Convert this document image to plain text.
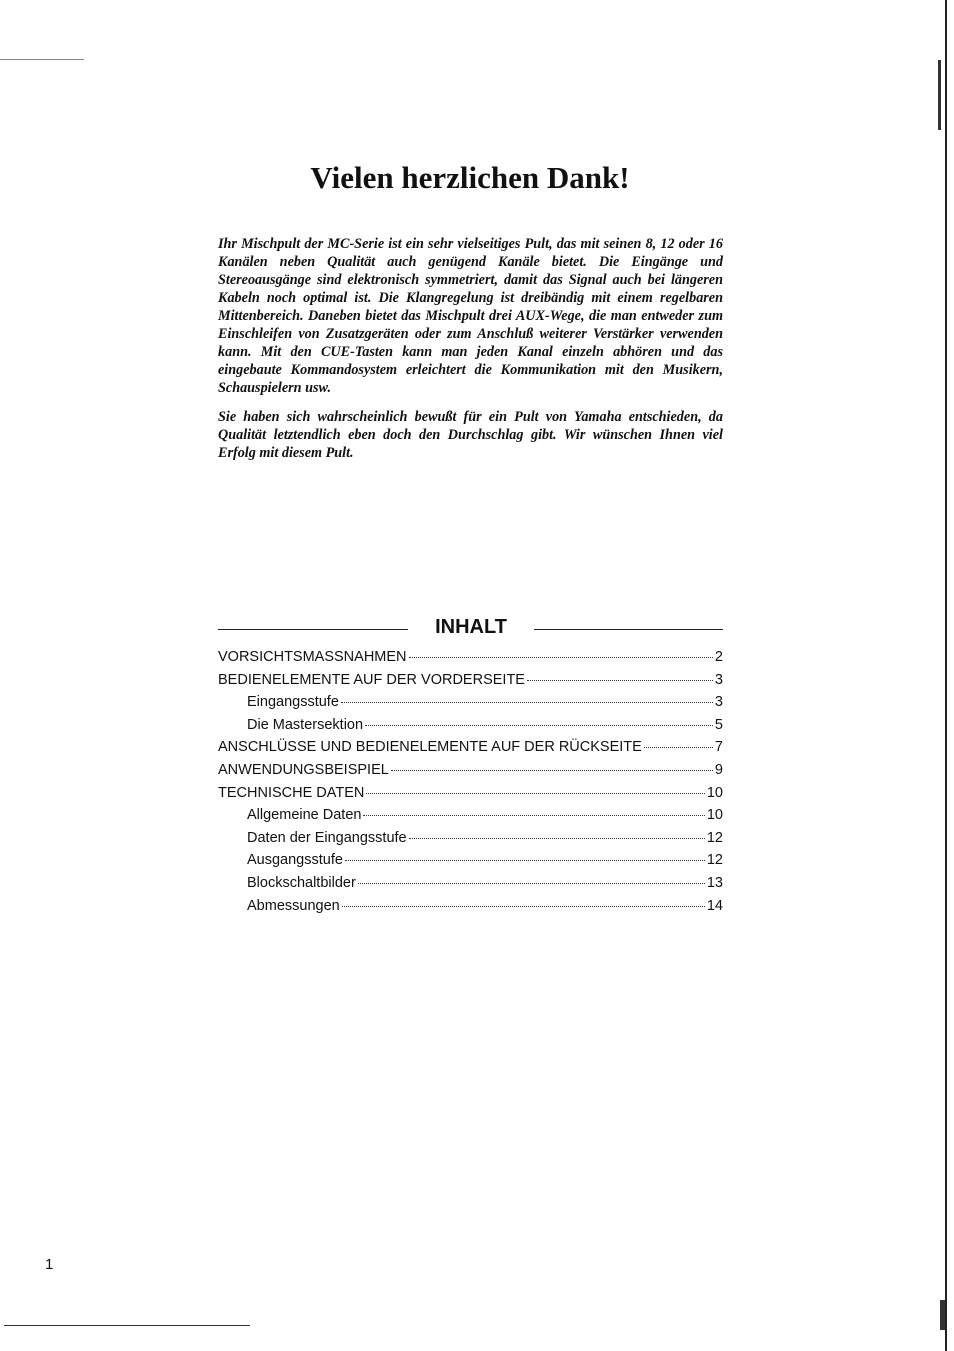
Vielen herzlichen Dank!

Ihr Mischpult der MC-Serie ist ein sehr vielseitiges Pult, das mit seinen 8, 12 oder 16 Kanälen neben Qualität auch genügend Kanäle bietet. Die Eingänge und Stereoausgänge sind elektronisch symmetriert, damit das Signal auch bei längeren Kabeln noch optimal ist. Die Klangregelung ist dreibändig mit einem regelbaren Mittenbereich. Daneben bietet das Mischpult drei AUX-Wege, die man entweder zum Einschleifen von Zusatzgeräten oder zum Anschluß weiterer Verstärker verwenden kann. Mit den CUE-Tasten kann man jeden Kanal einzeln abhören und das eingebaute Kommandosystem erleichtert die Kommunikation mit den Musikern, Schauspielern usw.

Sie haben sich wahrscheinlich bewußt für ein Pult von Yamaha entschieden, da Qualität letztendlich eben doch den Durchschlag gibt. Wir wünschen Ihnen viel Erfolg mit diesem Pult.

INHALT
VORSICHTSMASSNAHMEN	2
BEDIENELEMENTE AUF DER VORDERSEITE	3
Eingangsstufe	3
Die Mastersektion	5
ANSCHLÜSSE UND BEDIENELEMENTE AUF DER RÜCKSEITE	7
ANWENDUNGSBEISPIEL	9
TECHNISCHE DATEN	10
Allgemeine Daten	10
Daten der Eingangsstufe	12
Ausgangsstufe	12
Blockschaltbilder	13
Abmessungen	14
1
